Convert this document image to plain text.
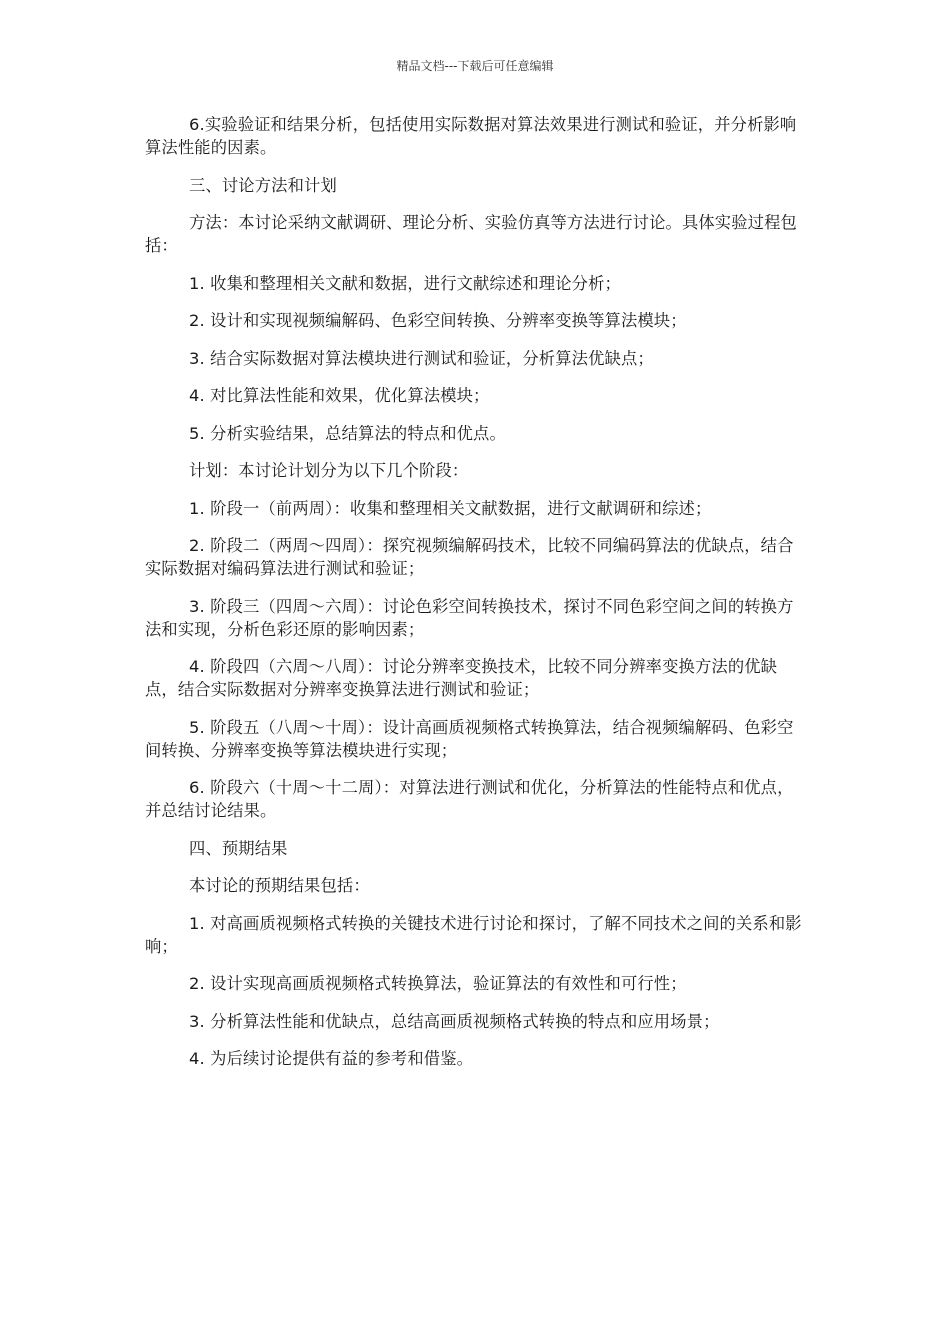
精品文档---下载后可任意编辑

6.实验验证和结果分析，包括使用实际数据对算法效果进行测试和验证，并分析影响算法性能的因素。

三、讨论方法和计划

方法：本讨论采纳文献调研、理论分析、实验仿真等方法进行讨论。具体实验过程包括：

1. 收集和整理相关文献和数据，进行文献综述和理论分析；

2. 设计和实现视频编解码、色彩空间转换、分辨率变换等算法模块；

3. 结合实际数据对算法模块进行测试和验证，分析算法优缺点；

4. 对比算法性能和效果，优化算法模块；

5. 分析实验结果，总结算法的特点和优点。

计划：本讨论计划分为以下几个阶段：

1. 阶段一（前两周）：收集和整理相关文献数据，进行文献调研和综述；

2. 阶段二（两周～四周）：探究视频编解码技术，比较不同编码算法的优缺点，结合实际数据对编码算法进行测试和验证；

3. 阶段三（四周～六周）：讨论色彩空间转换技术，探讨不同色彩空间之间的转换方法和实现，分析色彩还原的影响因素；

4. 阶段四（六周～八周）：讨论分辨率变换技术，比较不同分辨率变换方法的优缺点，结合实际数据对分辨率变换算法进行测试和验证；

5. 阶段五（八周～十周）：设计高画质视频格式转换算法，结合视频编解码、色彩空间转换、分辨率变换等算法模块进行实现；

6. 阶段六（十周～十二周）：对算法进行测试和优化，分析算法的性能特点和优点，并总结讨论结果。

四、预期结果

本讨论的预期结果包括：

1. 对高画质视频格式转换的关键技术进行讨论和探讨，了解不同技术之间的关系和影响；

2. 设计实现高画质视频格式转换算法，验证算法的有效性和可行性；

3. 分析算法性能和优缺点，总结高画质视频格式转换的特点和应用场景；

4. 为后续讨论提供有益的参考和借鉴。
